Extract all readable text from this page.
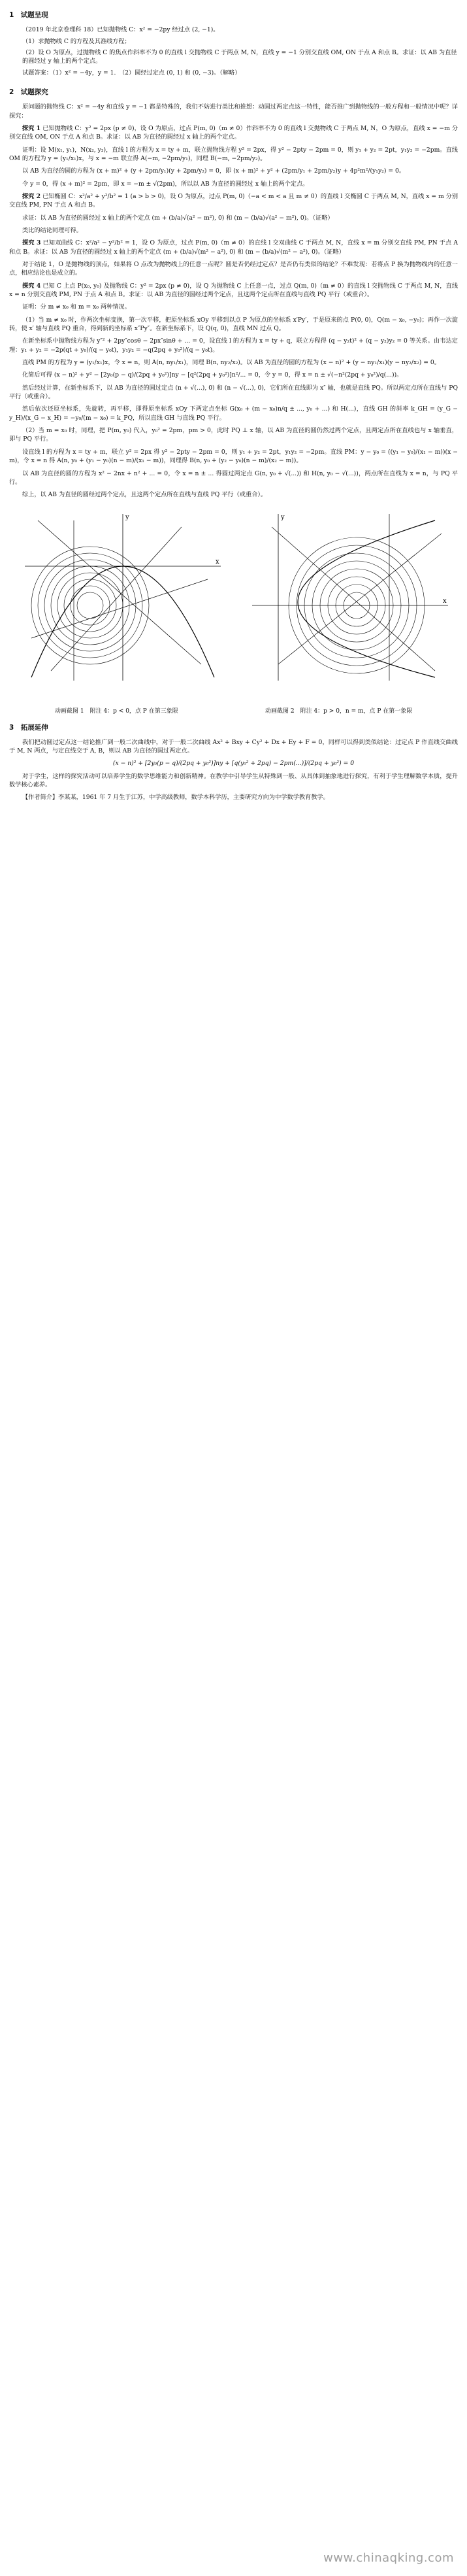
1　试题呈现
（2019 年北京卷理科 18）已知抛物线 C：x² = −2py 经过点 (2, −1)。
（1）求抛物线 C 的方程及其准线方程；
（2）设 O 为原点，过抛物线 C 的焦点作斜率不为 0 的直线 l 交抛物线 C 于两点 M, N，直线 y = −1 分别交直线 OM, ON 于点 A 和点 B。求证：以 AB 为直径的圆经过 y 轴上的两个定点。
试题答案：（1）x² = −4y，y = 1.　（2）圆经过定点 (0, 1) 和 (0, −3)。（解略）
2　试题探究
原问题的抛物线 C：x² = −4y 和直线 y = −1 都是特殊的，我们不妨进行类比和推想：动圆过两定点这一特性，能否推广到抛物线的一般方程和一般情况中呢？详探究：
探究 1 已知抛物线 C：y² = 2px (p ≠ 0)，设 O 为原点，过点 P(m, 0)（m ≠ 0）作斜率不为 0 的直线 l 交抛物线 C 于两点 M, N，O 为原点，直线 x = −m 分别交直线 OM, ON 于点 A 和点 B。求证：以 AB 为直径的圆经过 x 轴上的两个定点。
证明：设 M(x₁, y₁)，N(x₂, y₂)，直线 l 的方程为 x = ty + m，联立抛物线方程 y² = 2px，得 y² − 2pty − 2pm = 0，则 y₁ + y₂ = 2pt，y₁y₂ = −2pm。直线 OM 的方程为 y = (y₁/x₁)x，与 x = −m 联立得 A(−m, −2pm/y₁)，同理 B(−m, −2pm/y₂)。
以 AB 为直径的圆的方程为 (x + m)² + (y + 2pm/y₁)(y + 2pm/y₂) = 0，即 (x + m)² + y² + (2pm/y₁ + 2pm/y₂)y + 4p²m²/(y₁y₂) = 0。
令 y = 0，得 (x + m)² = 2pm，即 x = −m ± √(2pm)，所以以 AB 为直径的圆经过 x 轴上的两个定点。
探究 2 已知椭圆 C：x²/a² + y²/b² = 1 (a > b > 0)，设 O 为原点，过点 P(m, 0)（−a < m < a 且 m ≠ 0）的直线 l 交椭圆 C 于两点 M, N，直线 x = m 分别交直线 PM, PN 于点 A 和点 B。
求证：以 AB 为直径的圆经过 x 轴上的两个定点 (m + (b/a)√(a² − m²), 0) 和 (m − (b/a)√(a² − m²), 0)。（证略）
类比的结论同理可得。
探究 3 已知双曲线 C：x²/a² − y²/b² = 1，设 O 为原点，过点 P(m, 0)（m ≠ 0）的直线 l 交双曲线 C 于两点 M, N，直线 x = m 分别交直线 PM, PN 于点 A 和点 B。求证：以 AB 为直径的圆经过 x 轴上的两个定点 (m + (b/a)√(m² − a²), 0) 和 (m − (b/a)√(m² − a²), 0)。（证略）
对于结论 1，O 是抛物线的顶点，如果将 O 点改为抛物线上的任意一点呢？圆是否仍经过定点？是否仍有类似的结论？不难发现：若将点 P 换为抛物线内的任意一点，相应结论也是成立的。
探究 4 已知 C 上点 P(x₀, y₀) 及抛物线 C：y² = 2px (p ≠ 0)，设 Q 为抛物线 C 上任意一点，过点 Q(m, 0)（m ≠ 0）的直线 l 交抛物线 C 于两点 M, N，直线 x = n 分别交直线 PM, PN 于点 A 和点 B。求证：以 AB 为直径的圆经过两个定点，且这两个定点所在直线与直线 PQ 平行（或重合）。
证明：分 m ≠ x₀ 和 m = x₀ 两种情况。
（1）当 m ≠ x₀ 时，作两次坐标变换，第一次平移，把原坐标系 xOy 平移到以点 P 为原点的坐标系 x′Py′，于是原来的点 P(0, 0)，Q(m − x₀, −y₀)；再作一次旋转，使 x′ 轴与直线 PQ 重合，得到新的坐标系 x″Py″。在新坐标系下，设 Q(q, 0)，直线 MN 过点 Q。
在新坐标系中抛物线方程为 y″² + 2py″cosθ − 2px″sinθ + ... = 0，设直线 l 的方程为 x = ty + q，联立方程得 (q − y₂t)² + (q − y₂)y₂ = 0 等关系。由韦达定理：y₁ + y₂ = −2p(qt + y₀)/(q − y₀t)，y₁y₂ = −q(2pq + y₀²)/(q − y₀t)。
直线 PM 的方程为 y = (y₁/x₁)x，令 x = n，则 A(n, ny₁/x₁)，同理 B(n, ny₂/x₂)。以 AB 为直径的圆的方程为 (x − n)² + (y − ny₁/x₁)(y − ny₂/x₂) = 0。
化简后可得 (x − n)² + y² − [2y₀(p − q)/(2pq + y₀²)]ny − [q²(2pq + y₀²)]n²/... = 0，令 y = 0，得 x = n ± √(−n²(2pq + y₀²)/q(...))。
然后经过计算，在新坐标系下，以 AB 为直径的圆过定点 (n + √(...), 0) 和 (n − √(...), 0)，它们所在直线即为 x″ 轴，也就是直线 PQ。所以两定点所在直线与 PQ 平行（或重合）。
然后依次还原坐标系，先旋转，再平移，即得原坐标系 xOy 下两定点坐标 G(x₀ + (m − x₀)n/q ± ..., y₀ + ...) 和 H(...)，直线 GH 的斜率 k_GH = (y_G − y_H)/(x_G − x_H) = −y₀/(m − x₀) = k_PQ，所以直线 GH 与直线 PQ 平行。
（2）当 m = x₀ 时，同理，把 P(m, y₀) 代入，y₀² = 2pm，pm > 0，此时 PQ ⊥ x 轴，以 AB 为直径的圆仍然过两个定点，且两定点所在直线也与 x 轴垂直，即与 PQ 平行。
设直线 l 的方程为 x = ty + m，联立 y² = 2px 得 y² − 2pty − 2pm = 0，则 y₁ + y₂ = 2pt，y₁y₂ = −2pm。直线 PM：y − y₀ = ((y₁ − y₀)/(x₁ − m))(x − m)，令 x = n 得 A(n, y₀ + (y₁ − y₀)(n − m)/(x₁ − m))，同理得 B(n, y₀ + (y₂ − y₀)(n − m)/(x₂ − m))。
以 AB 为直径的圆的方程为 x² − 2nx + n² + ... = 0，令 x = n ± ... 得圆过两定点 G(n, y₀ + √(...)) 和 H(n, y₀ − √(...))，两点所在直线为 x = n，与 PQ 平行。
综上，以 AB 为直径的圆经过两个定点，且这两个定点所在直线与直线 PQ 平行（或重合）。
x
y	y
x
动画截图 1　附注 4：p < 0，点 P 在第三象限	动画截图 2　附注 4：p > 0，n = m，点 P 在第一象限
3　拓展延伸
我们把动圆过定点这一结论推广到一般二次曲线中，对于一般二次曲线 Ax² + Bxy + Cy² + Dx + Ey + F = 0，同样可以得到类似结论：过定点 P 作直线交曲线于 M, N 两点，与定直线交于 A, B，则以 AB 为直径的圆过两定点。
(x − n)² + [2y₀(p − q)/(2pq + y₀²)]ny + [q(y₀² + 2pq) − 2pm(...)]/(2pq + y₀²) = 0
对于学生，这样的探究活动可以培养学生的数学思维能力和创新精神。在教学中引导学生从特殊到一般、从具体到抽象地进行探究，有利于学生理解数学本质，提升数学核心素养。
【作者简介】李某某，1961 年 7 月生于江苏，中学高级教师，数学本科学历，主要研究方向为中学数学教育教学。
www.chinaqking.com
